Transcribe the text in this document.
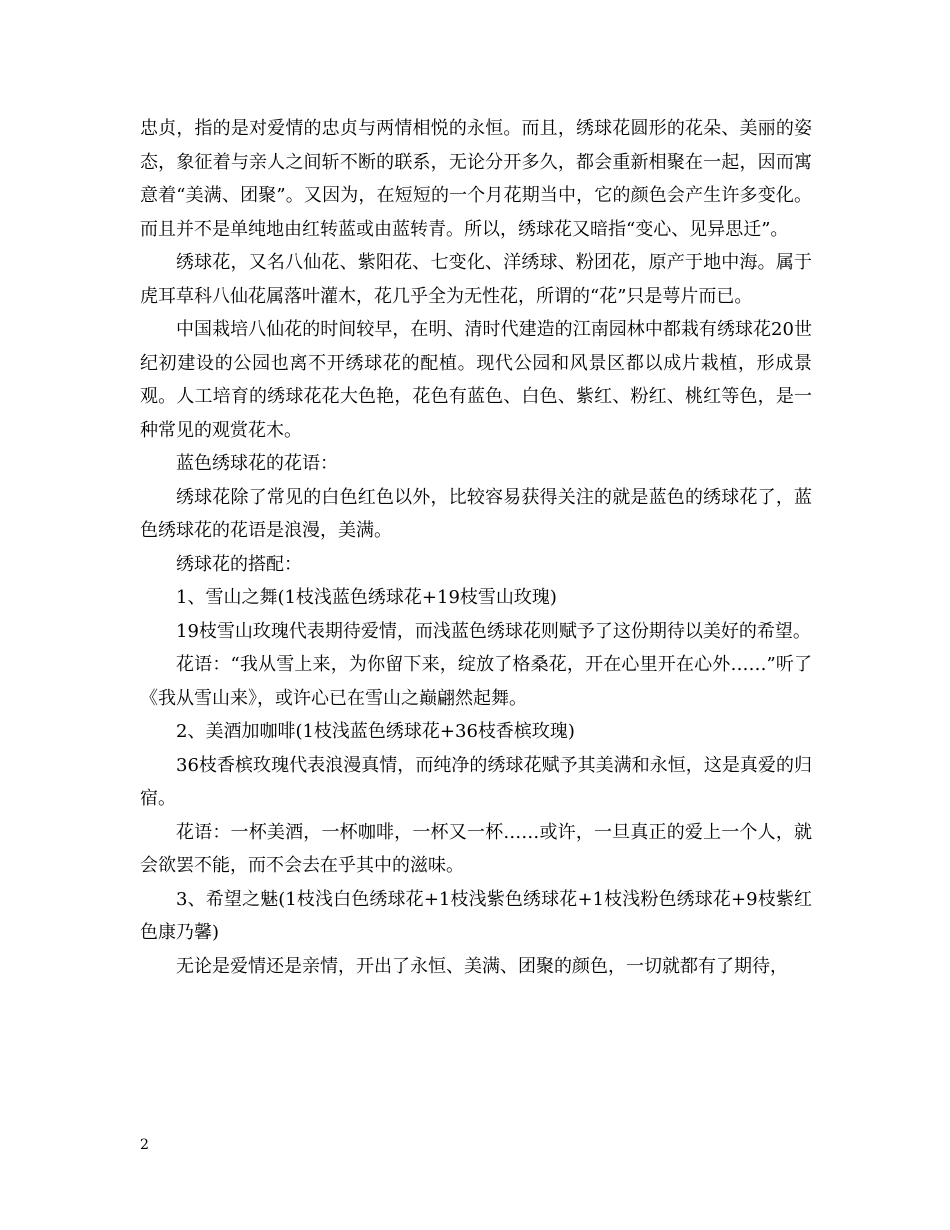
忠贞，指的是对爱情的忠贞与两情相悦的永恒。而且，绣球花圆形的花朵、美丽的姿态，象征着与亲人之间斩不断的联系，无论分开多久，都会重新相聚在一起，因而寓意着“美满、团聚”。又因为，在短短的一个月花期当中，它的颜色会产生许多变化。而且并不是单纯地由红转蓝或由蓝转青。所以，绣球花又暗指“变心、见异思迁”。

绣球花，又名八仙花、紫阳花、七变化、洋绣球、粉团花，原产于地中海。属于虎耳草科八仙花属落叶灌木，花几乎全为无性花，所谓的“花”只是萼片而已。

中国栽培八仙花的时间较早，在明、清时代建造的江南园林中都栽有绣球花20世纪初建设的公园也离不开绣球花的配植。现代公园和风景区都以成片栽植，形成景观。人工培育的绣球花花大色艳，花色有蓝色、白色、紫红、粉红、桃红等色，是一种常见的观赏花木。

蓝色绣球花的花语：

绣球花除了常见的白色红色以外，比较容易获得关注的就是蓝色的绣球花了，蓝色绣球花的花语是浪漫，美满。

绣球花的搭配：

1、雪山之舞(1枝浅蓝色绣球花+19枝雪山玫瑰)

19枝雪山玫瑰代表期待爱情，而浅蓝色绣球花则赋予了这份期待以美好的希望。

花语：“我从雪上来，为你留下来，绽放了格桑花，开在心里开在心外……”听了《我从雪山来》，或许心已在雪山之巅翩然起舞。

2、美酒加咖啡(1枝浅蓝色绣球花+36枝香槟玫瑰)

36枝香槟玫瑰代表浪漫真情，而纯净的绣球花赋予其美满和永恒，这是真爱的归宿。

花语：一杯美酒，一杯咖啡，一杯又一杯……或许，一旦真正的爱上一个人，就会欲罢不能，而不会去在乎其中的滋味。

3、希望之魅(1枝浅白色绣球花+1枝浅紫色绣球花+1枝浅粉色绣球花+9枝紫红色康乃馨)

无论是爱情还是亲情，开出了永恒、美满、团聚的颜色，一切就都有了期待，

2
